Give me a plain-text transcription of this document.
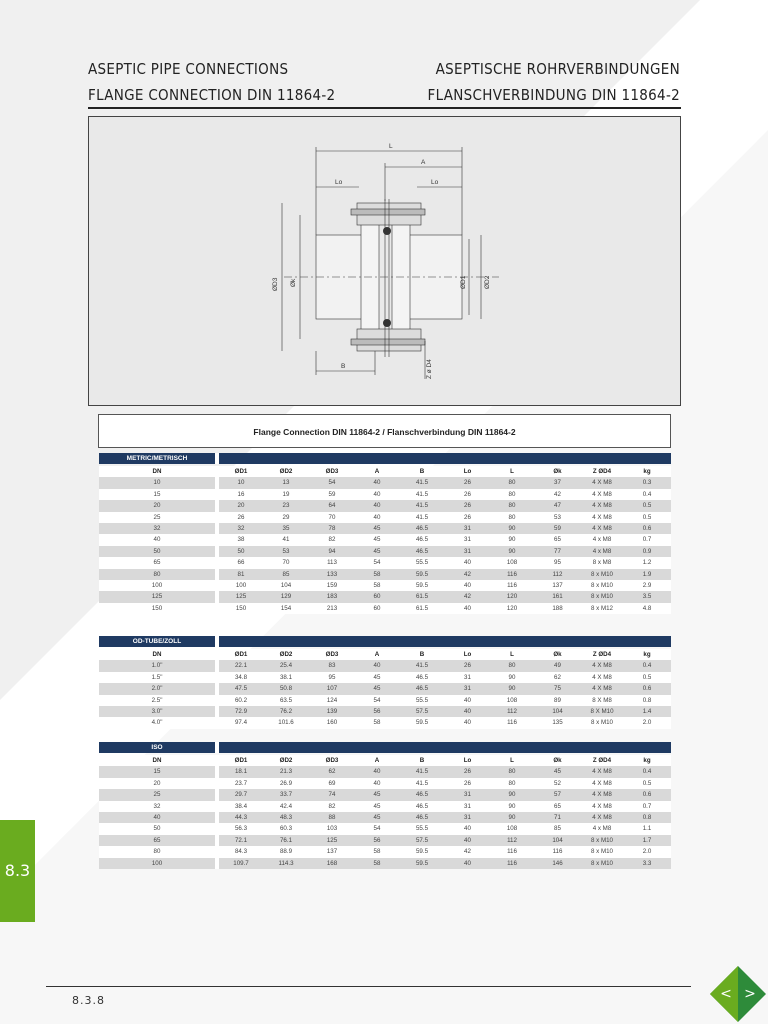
ASEPTIC PIPE CONNECTIONS
FLANGE CONNECTION DIN 11864-2
ASEPTISCHE ROHRVERBINDUNGEN
FLANSCHVERBINDUNG DIN 11864-2
L
A
Lo	Lo
ØD3 Øk	ØD1	ØD2
B	Z ø D4
Flange Connection DIN 11864-2 / Flanschverbindung DIN 11864-2
METRIC/METRISCH
DN	ØD1	ØD2	ØD3	A	B	Lo	L	Øk	Z ØD4	kg
10	10	13	54	40	41.5	26	80	37	4 X M8	0.3
15	16	19	59	40	41.5	26	80	42	4 X M8	0.4
20	20	23	64	40	41.5	26	80	47	4 X M8	0.5
25	26	29	70	40	41.5	26	80	53	4 X M8	0.5
32	32	35	78	45	46.5	31	90	59	4 X M8	0.6
40	38	41	82	45	46.5	31	90	65	4 x M8	0.7
50	50	53	94	45	46.5	31	90	77	4 x M8	0.9
65	66	70	113	54	55.5	40	108	95	8 x M8	1.2
80	81	85	133	58	59.5	42	116	112	8 x M10	1.9
100	100	104	159	58	59.5	40	116	137	8 x M10	2.9
125	125	129	183	60	61.5	42	120	161	8 x M10	3.5
150	150	154	213	60	61.5	40	120	188	8 x M12	4.8
OD-TUBE/ZOLL
DN	ØD1	ØD2	ØD3	A	B	Lo	L	Øk	Z ØD4	kg
1.0"	22.1	25.4	83	40	41.5	26	80	49	4 X M8	0.4
1.5"	34.8	38.1	95	45	46.5	31	90	62	4 X M8	0.5
2.0"	47.5	50.8	107	45	46.5	31	90	75	4 X M8	0.6
2.5"	60.2	63.5	124	54	55.5	40	108	89	8 X M8	0.8
3.0"	72.9	76.2	139	56	57.5	40	112	104	8 X M10	1.4
4.0"	97.4	101.6	160	58	59.5	40	116	135	8 x M10	2.0
ISO
DN	ØD1	ØD2	ØD3	A	B	Lo	L	Øk	Z ØD4	kg
15	18.1	21.3	62	40	41.5	26	80	45	4 X M8	0.4
20	23.7	26.9	69	40	41.5	26	80	52	4 X M8	0.5
25	29.7	33.7	74	45	46.5	31	90	57	4 X M8	0.6
32	38.4	42.4	82	45	46.5	31	90	65	4 X M8	0.7
40	44.3	48.3	88	45	46.5	31	90	71	4 X M8	0.8
50	56.3	60.3	103	54	55.5	40	108	85	4 x M8	1.1
65	72.1	76.1	125	56	57.5	40	112	104	8 x M10	1.7
80	84.3	88.9	137	58	59.5	42	116	116	8 x M10	2.0
100	109.7	114.3	168	58	59.5	40	116	146	8 x M10	3.3
8.3
8.3.8	< >
